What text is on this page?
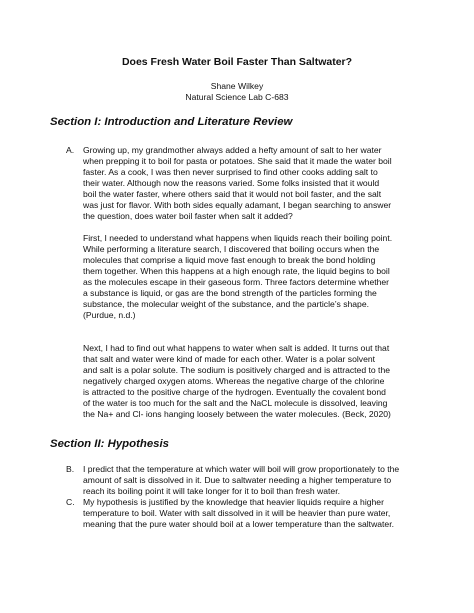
Does Fresh Water Boil Faster Than Saltwater?
Shane Wilkey
Natural Science Lab C-683
Section I: Introduction and Literature Review
A. Growing up, my grandmother always added a hefty amount of salt to her water
when prepping it to boil for pasta or potatoes. She said that it made the water boil
faster. As a cook, I was then never surprised to find other cooks adding salt to
their water. Although now the reasons varied. Some folks insisted that it would
boil the water faster, where others said that it would not boil faster, and the salt
was just for flavor. With both sides equally adamant, I began searching to answer
the question, does water boil faster when salt it added?
First, I needed to understand what happens when liquids reach their boiling point.
While performing a literature search, I discovered that boiling occurs when the
molecules that comprise a liquid move fast enough to break the bond holding
them together. When this happens at a high enough rate, the liquid begins to boil
as the molecules escape in their gaseous form. Three factors determine whether
a substance is liquid, or gas are the bond strength of the particles forming the
substance, the molecular weight of the substance, and the particle’s shape.
(Purdue, n.d.)
Next, I had to find out what happens to water when salt is added. It turns out that
that salt and water were kind of made for each other. Water is a polar solvent
and salt is a polar solute. The sodium is positively charged and is attracted to the
negatively charged oxygen atoms. Whereas the negative charge of the chlorine
is attracted to the positive charge of the hydrogen. Eventually the covalent bond
of the water is too much for the salt and the NaCL molecule is dissolved, leaving
the Na+ and Cl- ions hanging loosely between the water molecules. (Beck, 2020)
Section II: Hypothesis
B. I predict that the temperature at which water will boil will grow proportionately to the
amount of salt is dissolved in it. Due to saltwater needing a higher temperature to
reach its boiling point it will take longer for it to boil than fresh water.
C. My hypothesis is justified by the knowledge that heavier liquids require a higher
temperature to boil. Water with salt dissolved in it will be heavier than pure water,
meaning that the pure water should boil at a lower temperature than the saltwater.
